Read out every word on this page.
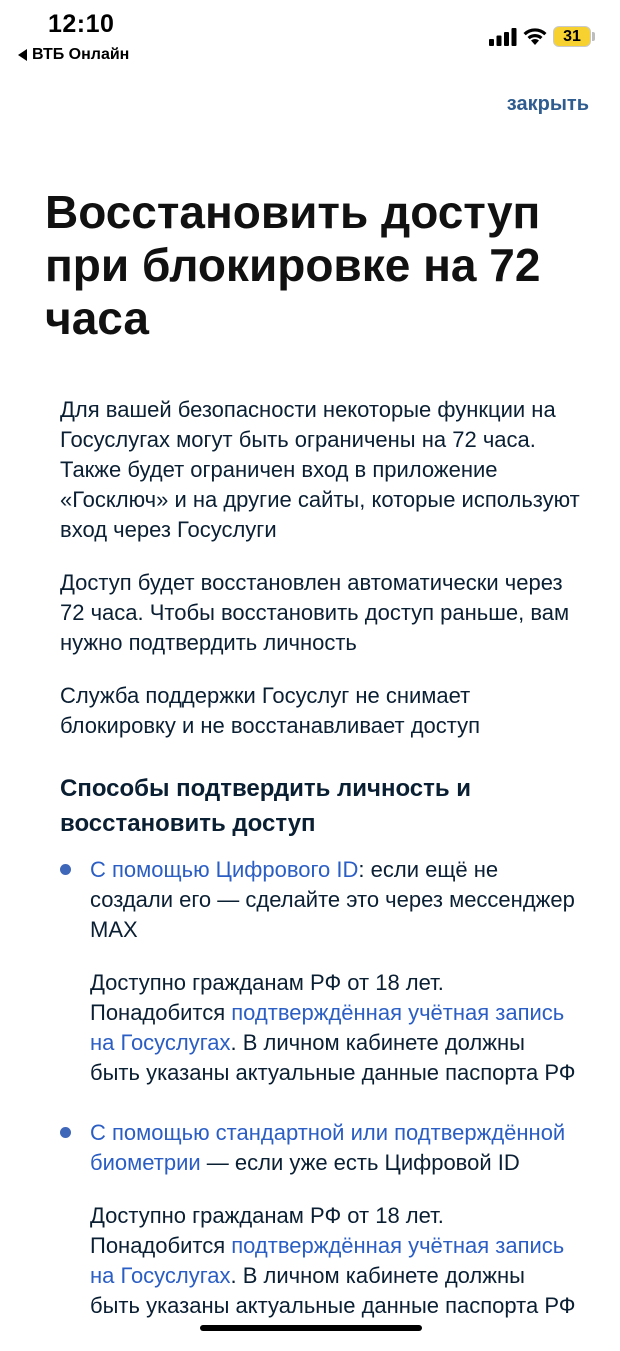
12:10
ВТБ Онлайн
31
закрыть
Восстановить доступ при блокировке на 72 часа

Для вашей безопасности некоторые функции на Госуслугах могут быть ограничены на 72 часа. Также будет ограничен вход в приложение «Госключ» и на другие сайты, которые используют вход через Госуслуги

Доступ будет восстановлен автоматически через 72 часа. Чтобы восстановить доступ раньше, вам нужно подтвердить личность

Служба поддержки Госуслуг не снимает блокировку и не восстанавливает доступ

Способы подтвердить личность и восстановить доступ

С помощью Цифрового ID: если ещё не создали его — сделайте это через мессенджер MAX

Доступно гражданам РФ от 18 лет. Понадобится подтверждённая учётная запись на Госуслугах. В личном кабинете должны быть указаны актуальные данные паспорта РФ

С помощью стандартной или подтверждённой биометрии — если уже есть Цифровой ID

Доступно гражданам РФ от 18 лет. Понадобится подтверждённая учётная запись на Госуслугах. В личном кабинете должны быть указаны актуальные данные паспорта РФ
